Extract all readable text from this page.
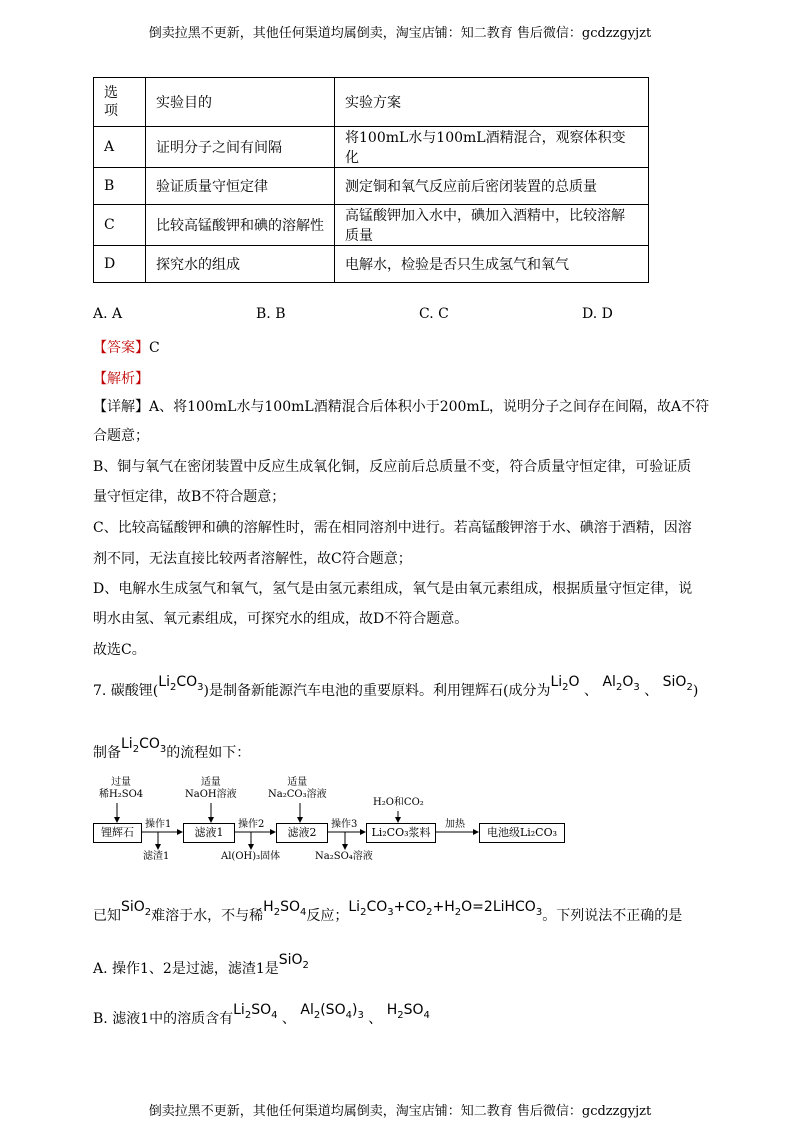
倒卖拉黑不更新，其他任何渠道均属倒卖，淘宝店铺：知二教育 售后微信：gcdzzgyjzt
选项	实验目的	实验方案
A	证明分子之间有间隔	将100mL水与100mL酒精混合，观察体积变化
B	验证质量守恒定律	测定铜和氧气反应前后密闭装置的总质量
C	比较高锰酸钾和碘的溶解性	高锰酸钾加入水中，碘加入酒精中，比较溶解质量
D	探究水的组成	电解水，检验是否只生成氢气和氧气
A. A	B. B	C. C	D. D
【答案】C
【解析】
【详解】A、将100mL水与100mL酒精混合后体积小于200mL，说明分子之间存在间隔，故A不符
合题意；
B、铜与氧气在密闭装置中反应生成氧化铜，反应前后总质量不变，符合质量守恒定律，可验证质
量守恒定律，故B不符合题意；
C、比较高锰酸钾和碘的溶解性时，需在相同溶剂中进行。若高锰酸钾溶于水、碘溶于酒精，因溶
剂不同，无法直接比较两者溶解性，故C符合题意；
D、电解水生成氢气和氧气，氢气是由氢元素组成，氧气是由氧元素组成，根据质量守恒定律，说
明水由氢、氧元素组成，可探究水的组成，故D不符合题意。
故选C。
7. 碳酸锂$(Li_2CO_3)$是制备新能源汽车电池的重要原料。利用锂辉石(成分为$Li_2O$ 、 $Al_2O_3$ 、 SiO$_2$)
制备$Li_2CO_3$的流程如下：
锂辉石	滤液1	滤液2	Li₂CO₃浆料	电池级Li₂CO₃
操作1	操作2	操作3	加热
过量
稀H₂SO4
适量
NaOH溶液
适量
Na₂CO₃溶液
H₂O和CO₂
滤渣1	Al(OH)₃固体	Na₂SO₄溶液
已知SiO$_2$难溶于水，不与稀$H_2SO_4$反应；$Li_2CO_3+CO_2+H_2O=2LiHCO_3$。下列说法不正确的是
A. 操作1、2是过滤，滤渣1是SiO$_2$
B. 滤液1中的溶质含有$Li_2SO_4$ 、 $Al_2(SO_4)_3$ 、 $H_2SO_4$
倒卖拉黑不更新，其他任何渠道均属倒卖，淘宝店铺：知二教育 售后微信：gcdzzgyjzt
